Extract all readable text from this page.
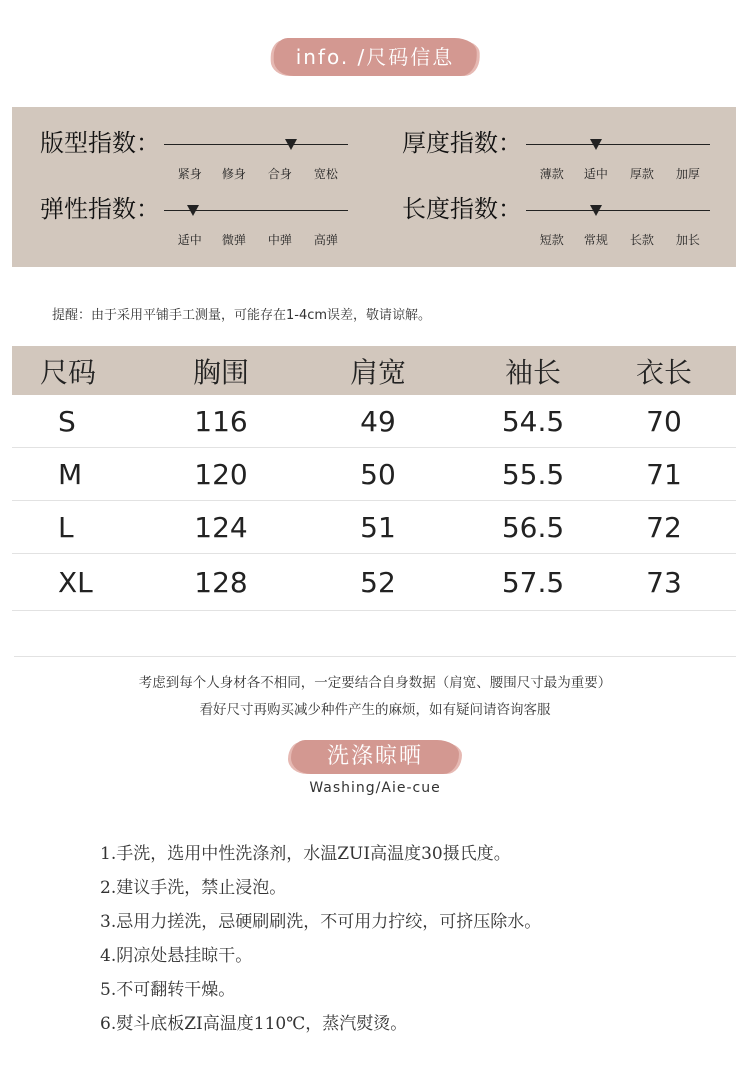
info. /尺码信息
版型指数：
紧身 修身 合身 宽松
厚度指数：
薄款 适中 厚款 加厚
弹性指数：
适中 微弹 中弹 高弹
长度指数：
短款 常规 长款 加长
提醒：由于采用平铺手工测量，可能存在1-4cm误差，敬请谅解。
尺码	胸围	肩宽	袖长	衣长
S	116	49	54.5	70
M	120	50	55.5	71
L	124	51	56.5	72
XL	128	52	57.5	73
考虑到每个人身材各不相同，一定要结合自身数据（肩宽、腰围尺寸最为重要）
看好尺寸再购买减少种件产生的麻烦，如有疑问请咨询客服
洗涤晾晒
Washing/Aie-cue
1.手洗，选用中性洗涤剂，水温ZUI高温度30摄氏度。
2.建议手洗，禁止浸泡。
3.忌用力搓洗，忌硬刷刷洗，不可用力拧绞，可挤压除水。
4.阴凉处悬挂晾干。
5.不可翻转干燥。
6.熨斗底板ZI高温度110℃，蒸汽熨烫。
